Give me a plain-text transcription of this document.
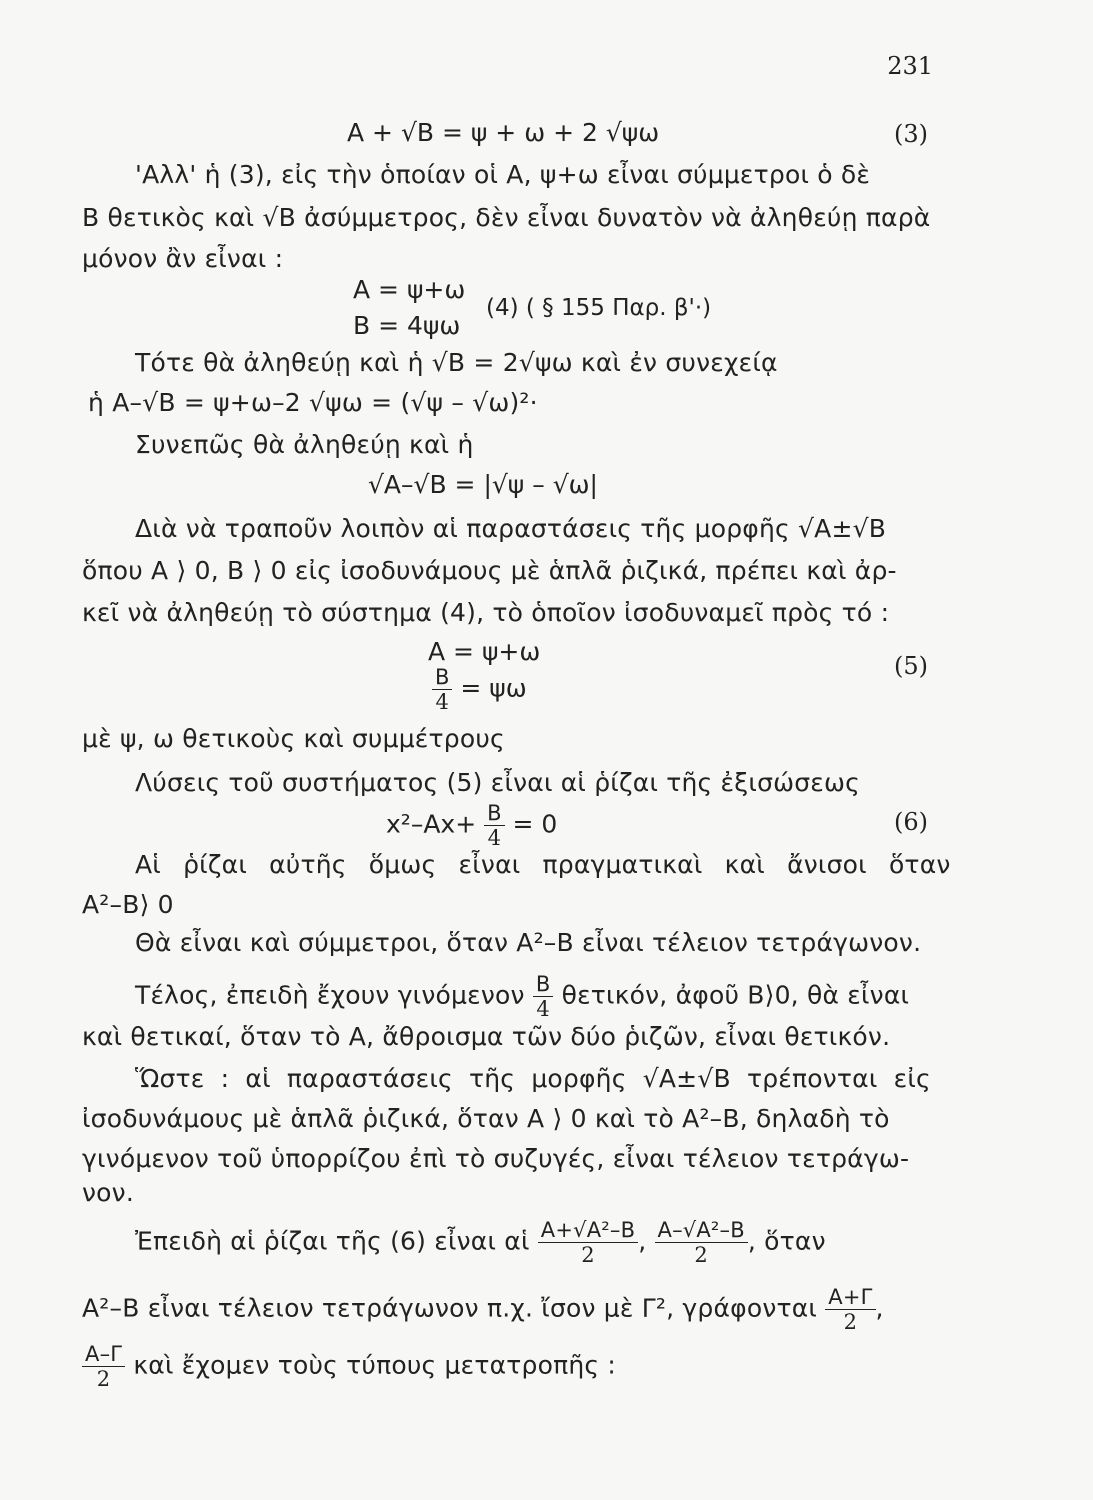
231
Α + √Β = ψ + ω + 2 √ψω	(3)
'Αλλ' ἡ (3), εἰς τὴν ὁποίαν οἱ Α, ψ+ω εἶναι σύμμετροι ὁ δὲ
Β θετικὸς καὶ √Β ἀσύμμετρος, δὲν εἶναι δυνατὸν νὰ ἀληθεύῃ παρὰ
μόνον ἂν εἶναι :
Α = ψ+ω
Β = 4ψω
(4) ( § 155 Παρ. β'·)
Τότε θὰ ἀληθεύῃ καὶ ἡ √Β = 2√ψω καὶ ἐν συνεχείᾳ
ἡ Α–√Β = ψ+ω–2 √ψω = (√ψ – √ω)²·
Συνεπῶς θὰ ἀληθεύῃ καὶ ἡ
√Α–√Β = |√ψ – √ω|
Διὰ νὰ τραποῦν λοιπὸν αἱ παραστάσεις τῆς μορφῆς √Α±√Β
ὅπου Α ⟩ 0, Β ⟩ 0 εἰς ἰσοδυνάμους μὲ ἁπλᾶ ῥιζικά, πρέπει καὶ ἀρ-
κεῖ νὰ ἀληθεύῃ τὸ σύστημα (4), τὸ ὁποῖον ἰσοδυναμεῖ πρὸς τό :
Α = ψ+ω
$\frac{B}{4} = \psi\omega$
(5)
μὲ ψ, ω θετικοὺς καὶ συμμέτρους
Λύσεις τοῦ συστήματος (5) εἶναι αἱ ῥίζαι τῆς ἐξισώσεως
$x^2-Ax+ \frac{B}{4} = 0$	(6)
Αἱ ῥίζαι αὐτῆς ὅμως εἶναι πραγματικαὶ καὶ ἄνισοι ὅταν
Α²–Β⟩ 0
Θὰ εἶναι καὶ σύμμετροι, ὅταν Α²–Β εἶναι τέλειον τετράγωνον.
Τέλος, ἐπειδὴ ἔχουν γινόμενον $\frac{B}{4} \theta\varepsilon\tau\iota\kappa ό\nu$, ἀφοῦ Β⟩0, θὰ εἶναι
καὶ θετικαί, ὅταν τὸ Α, ἄθροισμα τῶν δύο ῥιζῶν, εἶναι θετικόν.
Ὥστε : αἱ παραστάσεις τῆς μορφῆς √Α±√Β τρέπονται εἰς
ἰσοδυνάμους μὲ ἁπλᾶ ῥιζικά, ὅταν Α ⟩ 0 καὶ τὸ Α²–Β, δηλαδὴ τὸ
γινόμενον τοῦ ὑπορρίζου ἐπὶ τὸ συζυγές, εἶναι τέλειον τετράγω-
νον.
Ἐπειδὴ αἱ ῥίζαι τῆς (6) εἶναι αἱ $\frac{\text{Α+√Α²–Β}}{2}$ , $\frac{\text{Α–√Α²–Β}}{2}$ , ὅταν
Α²–Β εἶναι τέλειον τετράγωνον π.χ. ἴσον μὲ Γ², γράφονται $\frac{A+\Gamma}{2}$ ,
$\frac{A-\Gamma}{2}$ καὶ ἔχομεν τοὺς τύπους μετατροπῆς :
